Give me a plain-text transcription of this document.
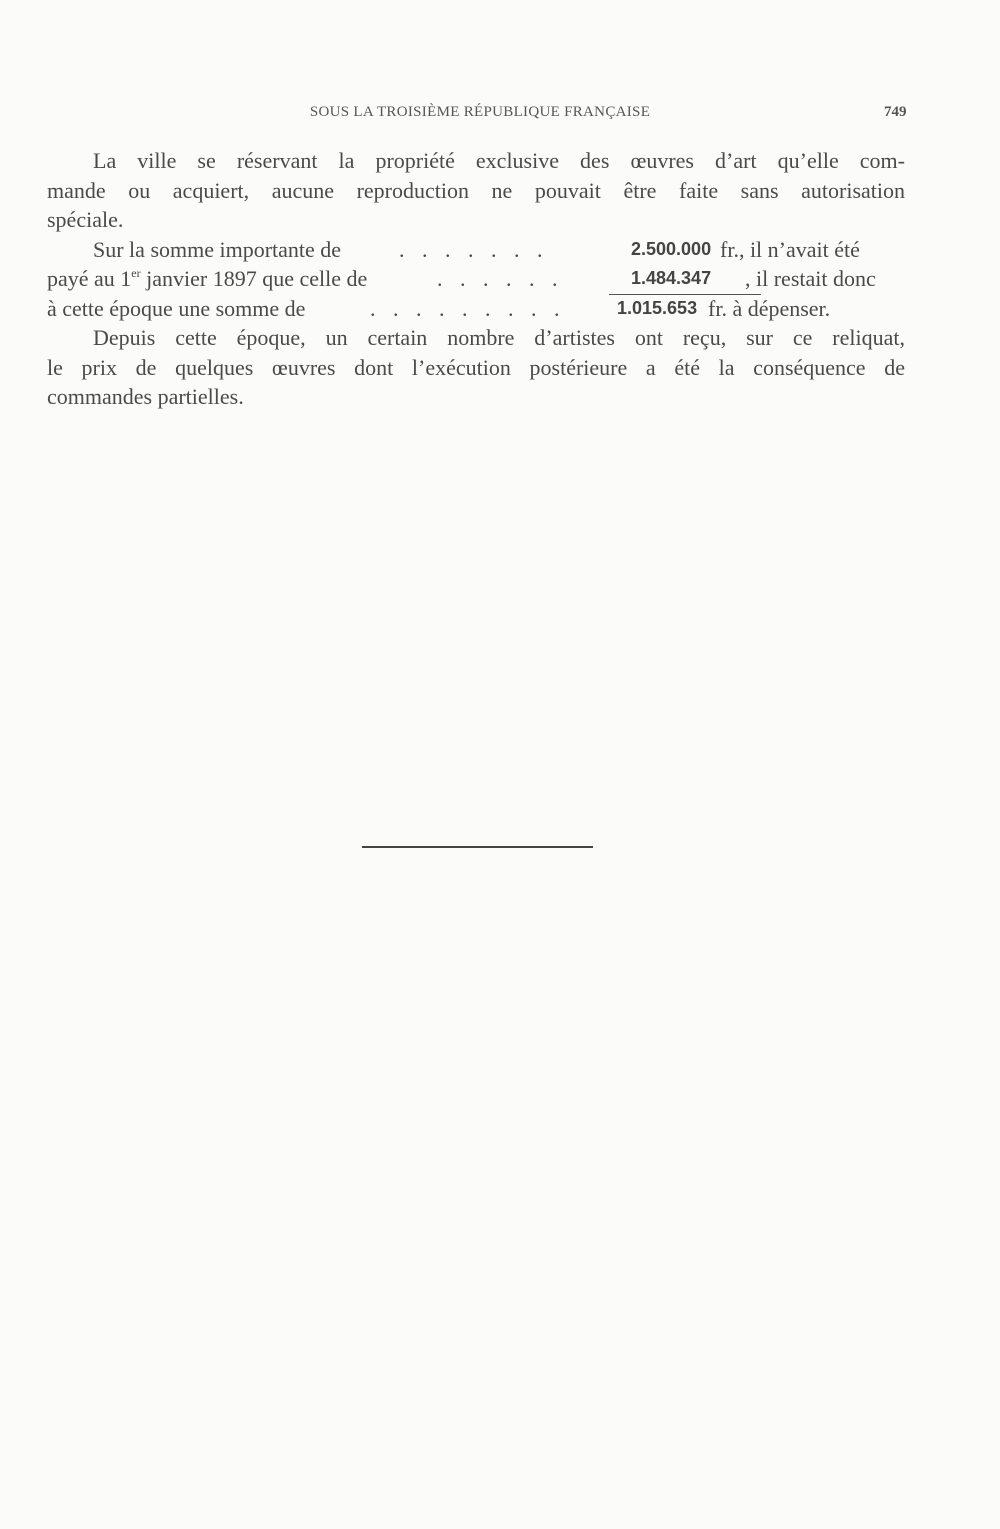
SOUS LA TROISIÈME RÉPUBLIQUE FRANÇAISE	749
La ville se réservant la propriété exclusive des œuvres d’art qu’elle com-
mande ou acquiert, aucune reproduction ne pouvait être faite sans autorisation
spéciale.
Sur la somme importante de	. . . . . . .	2.500.000 fr., il n’avait été
payé au 1er janvier 1897 que celle de	. . . . . .	1.484.347 , il restait donc
à cette époque une somme de	. . . . . . . . .	1.015.653 fr. à dépenser.
Depuis cette époque, un certain nombre d’artistes ont reçu, sur ce reliquat,
le prix de quelques œuvres dont l’exécution postérieure a été la conséquence de
commandes partielles.
